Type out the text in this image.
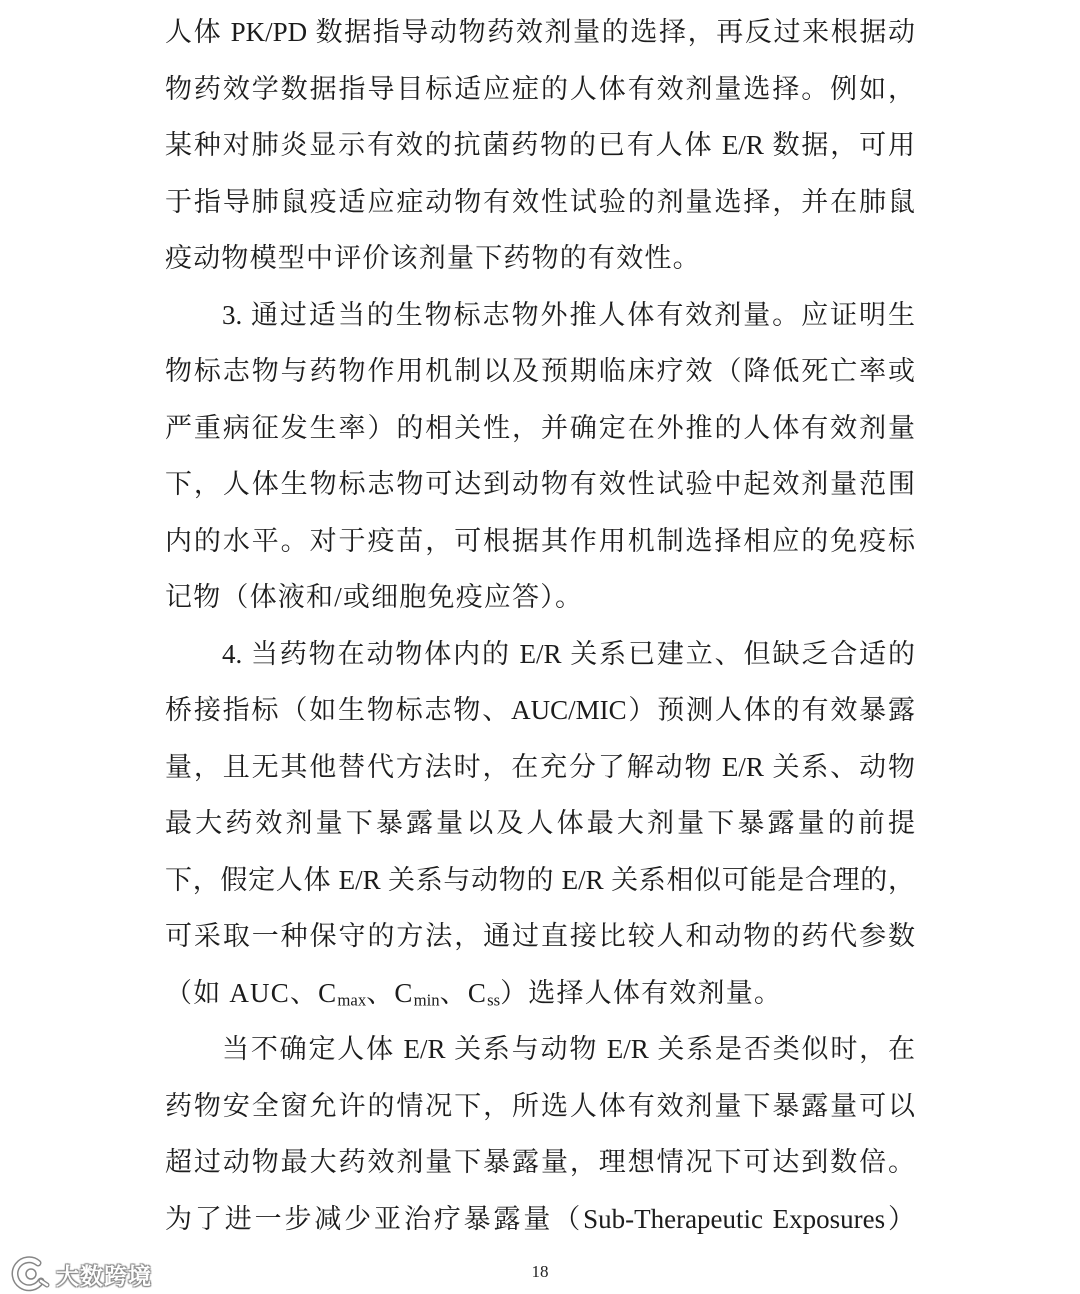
人体 PK/PD 数据指导动物药效剂量的选择，再反过来根据动
物药效学数据指导目标适应症的人体有效剂量选择。例如，
某种对肺炎显示有效的抗菌药物的已有人体 E/R 数据，可用
于指导肺鼠疫适应症动物有效性试验的剂量选择，并在肺鼠
疫动物模型中评价该剂量下药物的有效性。
3. 通过适当的生物标志物外推人体有效剂量。应证明生
物标志物与药物作用机制以及预期临床疗效（降低死亡率或
严重病征发生率）的相关性，并确定在外推的人体有效剂量
下，人体生物标志物可达到动物有效性试验中起效剂量范围
内的水平。对于疫苗，可根据其作用机制选择相应的免疫标
记物（体液和/或细胞免疫应答）。
4. 当药物在动物体内的 E/R 关系已建立、但缺乏合适的
桥接指标（如生物标志物、AUC/MIC）预测人体的有效暴露
量，且无其他替代方法时，在充分了解动物 E/R 关系、动物
最大药效剂量下暴露量以及人体最大剂量下暴露量的前提
下，假定人体 E/R 关系与动物的 E/R 关系相似可能是合理的，
可采取一种保守的方法，通过直接比较人和动物的药代参数
（如 AUC、$C_{max}$、$C_{min}$、$C_{ss}$）选择人体有效剂量。
当不确定人体 E/R 关系与动物 E/R 关系是否类似时，在
药物安全窗允许的情况下，所选人体有效剂量下暴露量可以
超过动物最大药效剂量下暴露量，理想情况下可达到数倍。
为了进一步减少亚治疗暴露量（Sub-Therapeutic Exposures）
18
大数跨境
